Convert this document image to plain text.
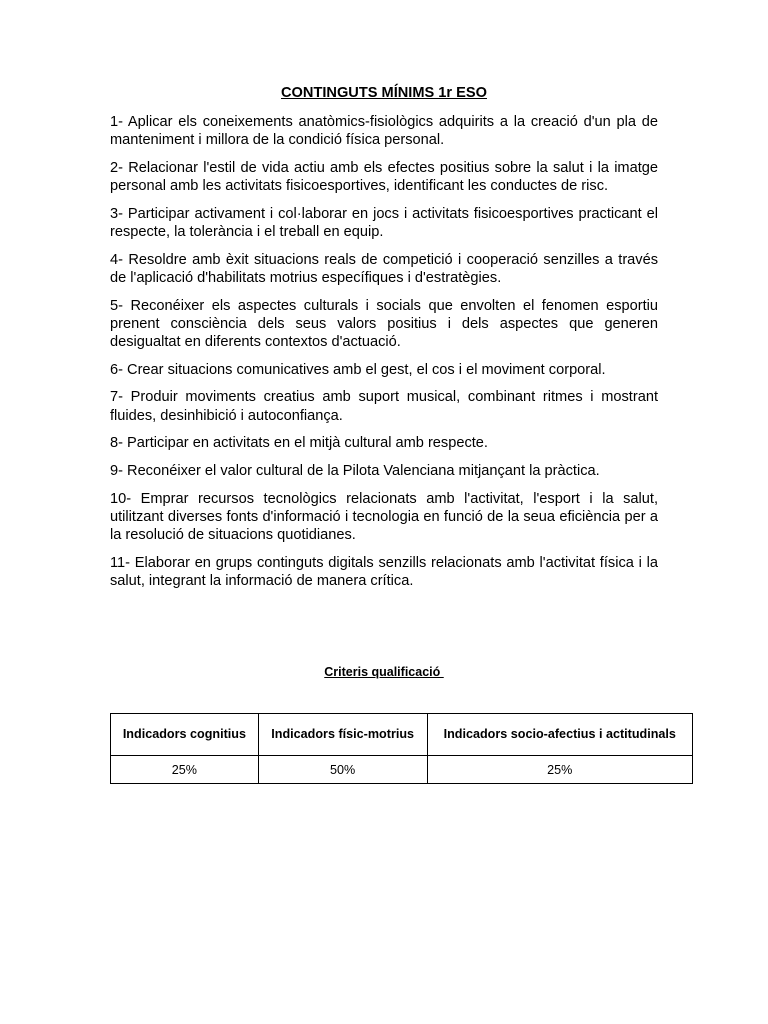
CONTINGUTS MÍNIMS 1r ESO

1- Aplicar els coneixements anatòmics-fisiològics adquirits a la creació d'un pla de manteniment i millora de la condició física personal.

2- Relacionar l'estil de vida actiu amb els efectes positius sobre la salut i la imatge personal amb les activitats fisicoesportives, identificant les conductes de risc.

3- Participar activament i col·laborar en jocs i activitats fisicoesportives practicant el respecte, la tolerància i el treball en equip.

4- Resoldre amb èxit situacions reals de competició i cooperació senzilles a través de l'aplicació d'habilitats motrius específiques i d'estratègies.

5- Reconéixer els aspectes culturals i socials que envolten el fenomen esportiu prenent consciència dels seus valors positius i dels aspectes que generen desigualtat en diferents contextos d'actuació.

6- Crear situacions comunicatives amb el gest, el cos i el moviment corporal.

7- Produir moviments creatius amb suport musical, combinant ritmes i mostrant fluides, desinhibició i autoconfiança.

8- Participar en activitats en el mitjà cultural amb respecte.

9- Reconéixer el valor cultural de la Pilota Valenciana mitjançant la pràctica.

10- Emprar recursos tecnològics relacionats amb l'activitat, l'esport i la salut, utilitzant diverses fonts d'informació i tecnologia en funció de la seua eficiència per a la resolució de situacions quotidianes.

11- Elaborar en grups continguts digitals senzills relacionats amb l'activitat física i la salut, integrant la informació de manera crítica.

Criteris qualificació
Indicadors cognitius	Indicadors físic-motrius	Indicadors socio-afectius i actitudinals
25%	50%	25%
